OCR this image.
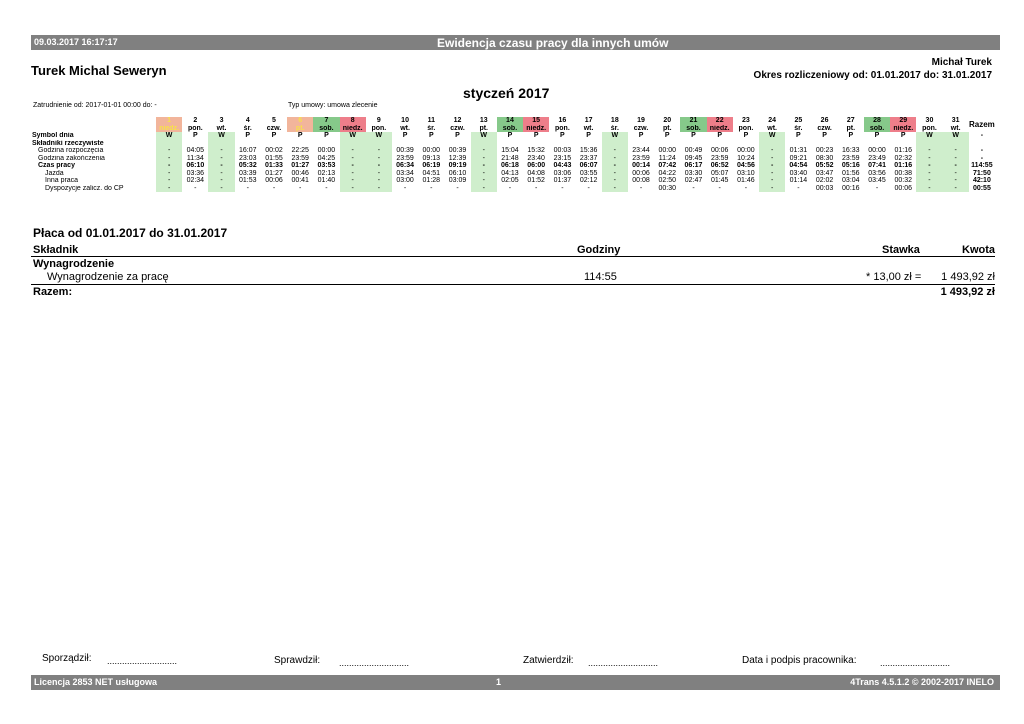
09.03.2017 16:17:17	Ewidencja czasu pracy dla innych umów
Turek Michal Seweryn
Michał Turek
Okres rozliczeniowy od: 01.01.2017 do: 31.01.2017
styczeń 2017
Zatrudnienie od: 2017-01-01 00:00 do: -	Typ umowy: umowa zlecenie
	1	2	3	4	5	6	7	8	9	10	11	12	13	14	15	16	17	18	19	20	21	22	23	24	25	26	27	28	29	30	31	Razem
	niedz.	pon.	wt.	śr.	czw.	pt.	sob.	niedz.	pon.	wt.	śr.	czw.	pt.	sob.	niedz.	pon.	wt.	śr.	czw.	pt.	sob.	niedz.	pon.	wt.	śr.	czw.	pt.	sob.	niedz.	pon.	wt.	
Symbol dnia	W	P	W	P	P	P	P	W	W	P	P	P	W	P	P	P	P	W	P	P	P	P	P	W	P	P	P	P	P	W	W	-
Składniki rzeczywiste																																
Godzina rozpoczęcia	-	04:05	-	16:07	00:02	22:25	00:00	-	-	00:39	00:00	00:39	-	15:04	15:32	00:03	15:36	-	23:44	00:00	00:49	00:06	00:00	-	01:31	00:23	16:33	00:00	01:16	-	-	-
Godzina zakończenia	-	11:34	-	23:03	01:55	23:59	04:25	-	-	23:59	09:13	12:39	-	21:48	23:40	23:15	23:37	-	23:59	11:24	09:45	23:59	10:24	-	09:21	08:30	23:59	23:49	02:32	-	-	-
Czas pracy	-	06:10	-	05:32	01:33	01:27	03:53	-	-	06:34	06:19	09:19	-	06:18	06:00	04:43	06:07	-	00:14	07:42	06:17	06:52	04:56	-	04:54	05:52	05:16	07:41	01:16	-	-	114:55
Jazda	-	03:36	-	03:39	01:27	00:46	02:13	-	-	03:34	04:51	06:10	-	04:13	04:08	03:06	03:55	-	00:06	04:22	03:30	05:07	03:10	-	03:40	03:47	01:56	03:56	00:38	-	-	71:50
Inna praca	-	02:34	-	01:53	00:06	00:41	01:40	-	-	03:00	01:28	03:09	-	02:05	01:52	01:37	02:12	-	00:08	02:50	02:47	01:45	01:46	-	01:14	02:02	03:04	03:45	00:32	-	-	42:10
Dyspozycje zalicz. do CP	-	-	-	-	-	-	-	-	-	-	-	-	-	-	-	-	-	-	-	00:30	-	-	-	-	-	00:03	00:16	-	00:06	-	-	00:55
Płaca od 01.01.2017 do 31.01.2017
Składnik	Godziny	Stawka	Kwota
Wynagrodzenie
Wynagrodzenie za pracę	114:55	* 13,00 zł = 1 493,92 zł
Razem:	1 493,92 zł
Sporządził: ............................	Sprawdził: ............................	Zatwierdził: ............................	Data i podpis pracownika:	............................
Licencja 2853 NET usługowa	1	4Trans 4.5.1.2 © 2002-2017 INELO
